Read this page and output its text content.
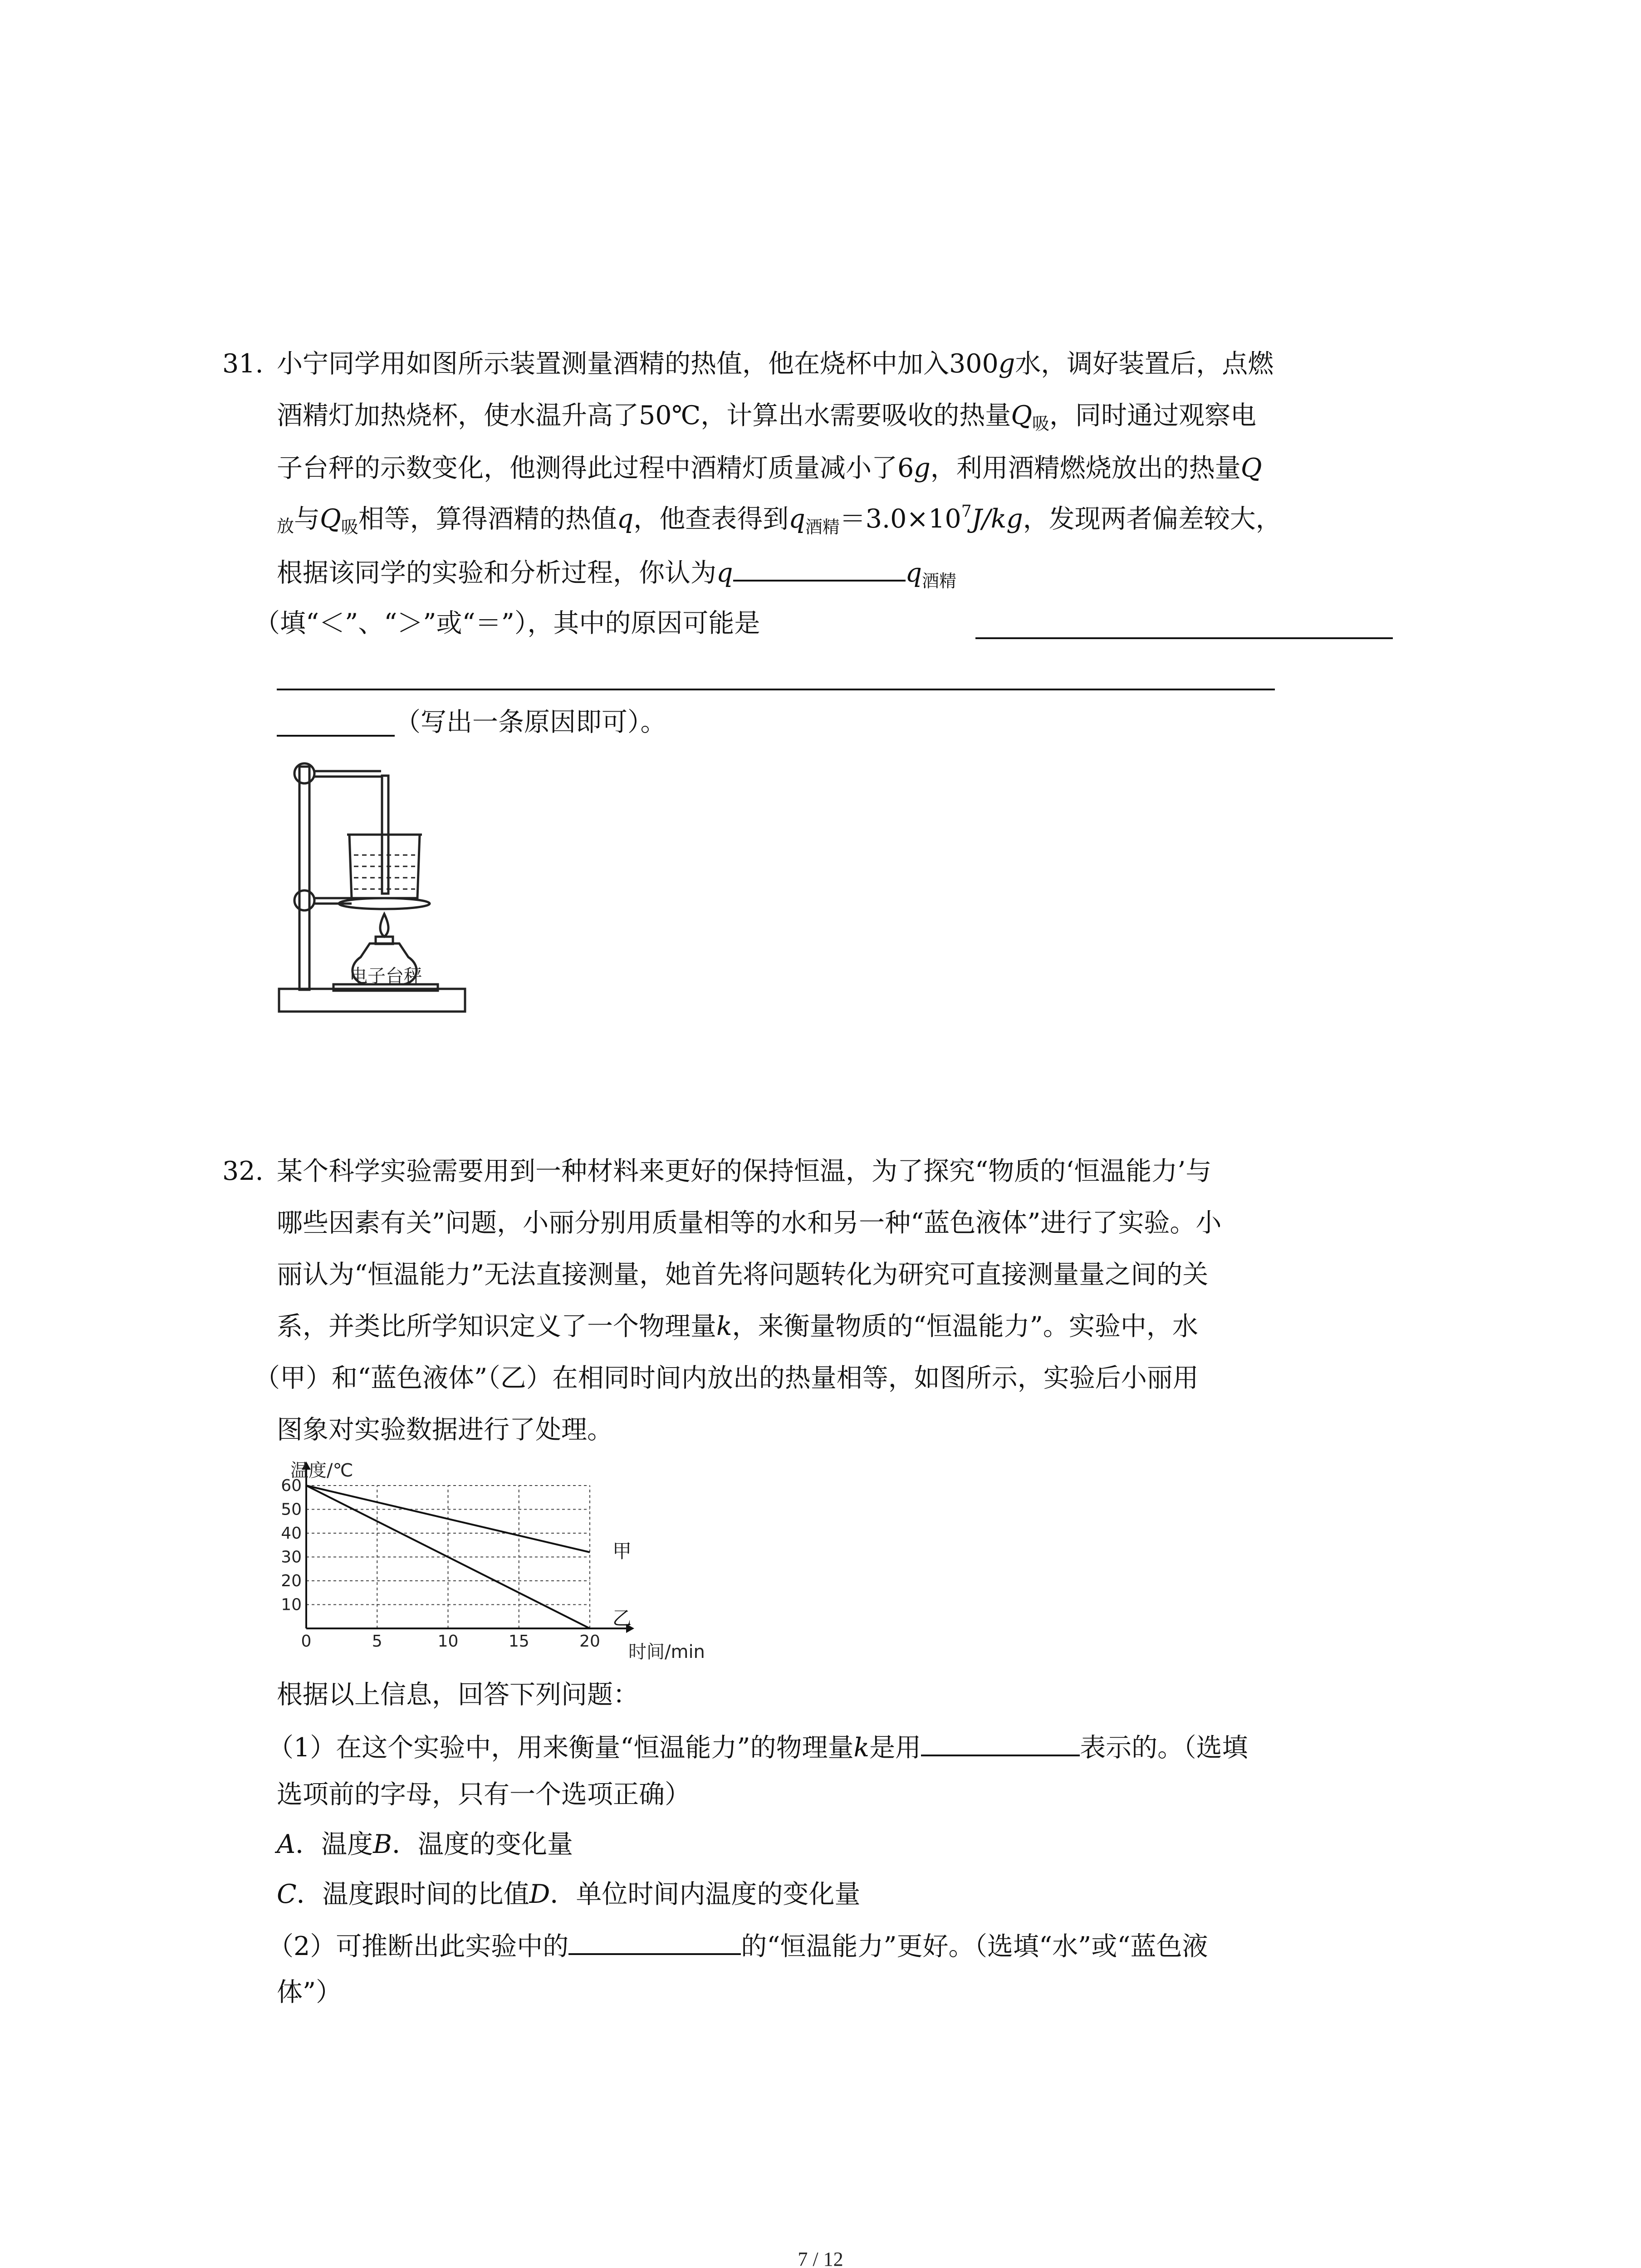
31. 小宁同学用如图所示装置测量酒精的热值，他在烧杯中加入300g水，调好装置后，点燃
酒精灯加热烧杯，使水温升高了50℃，计算出水需要吸收的热量$Q_吸$，同时通过观察电
子台秤的示数变化，他测得此过程中酒精灯质量减小了6g，利用酒精燃烧放出的热量Q
放与$Q_吸$相等，算得酒精的热值q，他查表得到$q_{酒精}=3.0\times 10^7J/kg$，发现两者偏差较大，
根据该同学的实验和分析过程，你认为q	$q_{酒精}$
（填“＜”、“＞”或“＝”），其中的原因可能是
（写出一条原因即可）。
电子台秤
32. 某个科学实验需要用到一种材料来更好的保持恒温，为了探究“物质的‘恒温能力’与
哪些因素有关”问题，小丽分别用质量相等的水和另一种“蓝色液体”进行了实验。小
丽认为“恒温能力”无法直接测量，她首先将问题转化为研究可直接测量量之间的关
系，并类比所学知识定义了一个物理量k，来衡量物质的“恒温能力”。实验中，水
（甲）和“蓝色液体”（乙）在相同时间内放出的热量相等，如图所示，实验后小丽用
图象对实验数据进行了处理。
0	5	10	15	20
10
20
30
40
50
60
甲
乙
温度/℃
时间/min
根据以上信息，回答下列问题：
（1）在这个实验中，用来衡量“恒温能力”的物理量k是用	表示的。（选填
选项前的字母，只有一个选项正确）
A．温度B．温度的变化量
C．温度跟时间的比值D．单位时间内温度的变化量
（2）可推断出此实验中的	的“恒温能力”更好。（选填“水”或“蓝色液
体”）
7 / 12
